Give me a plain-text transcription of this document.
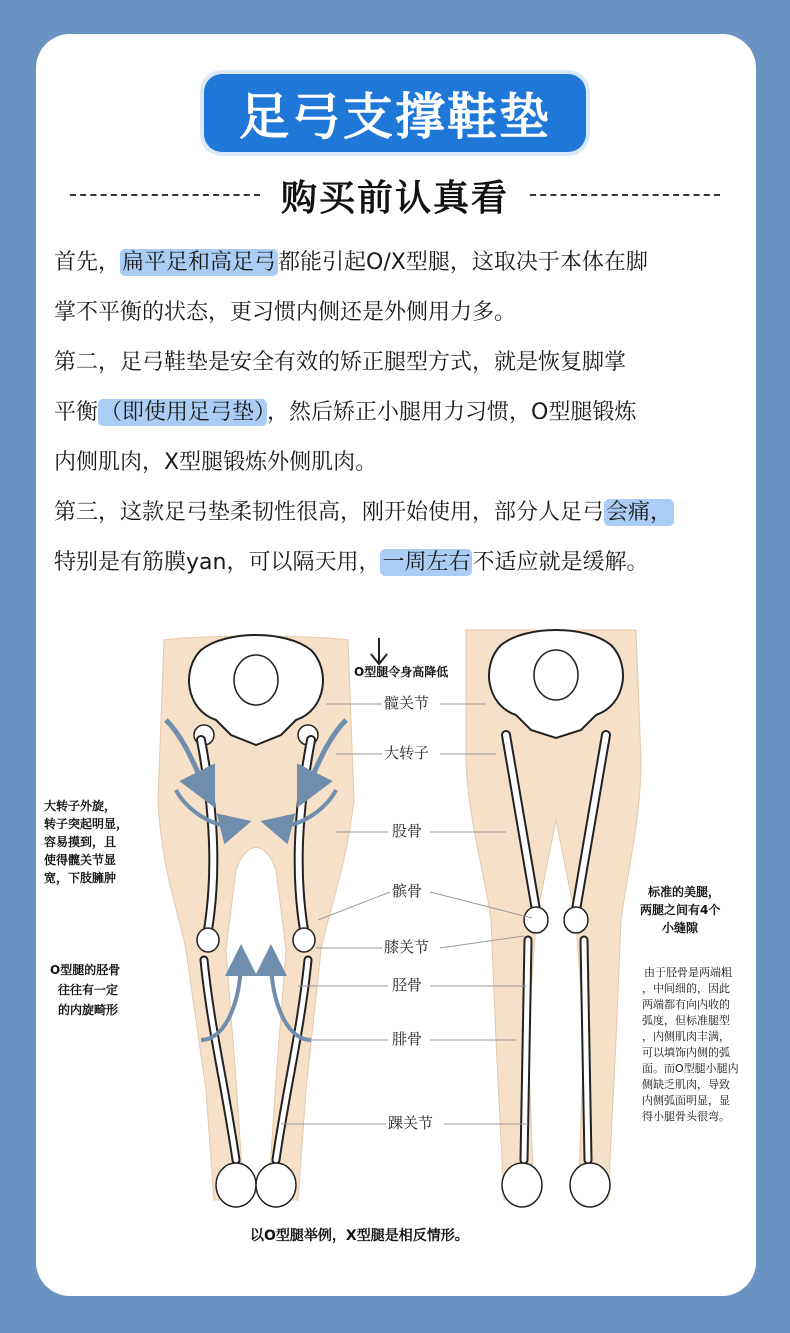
足弓支撑鞋垫
购买前认真看
首先，扁平足和高足弓都能引起O/X型腿，这取决于本体在脚
掌不平衡的状态，更习惯内侧还是外侧用力多。
第二，足弓鞋垫是安全有效的矫正腿型方式，就是恢复脚掌
平衡（即使用足弓垫），然后矫正小腿用力习惯，O型腿锻炼
内侧肌肉，X型腿锻炼外侧肌肉。
第三，这款足弓垫柔韧性很高，刚开始使用，部分人足弓会痛，
特别是有筋膜yan，可以隔天用，一周左右不适应就是缓解。
O型腿令身高降低
髋关节
大转子
股骨
髌骨
膝关节
胫骨
腓骨
踝关节
大转子外旋，
转子突起明显，
容易摸到，且
使得髋关节显
宽，下肢臃肿
O型腿的胫骨
往往有一定
的内旋畸形
标准的美腿，
两腿之间有4个
小缝隙
由于胫骨是两端粗
，中间细的，因此
两端都有向内收的
弧度，但标准腿型
，内侧肌肉丰满，
可以填饰内侧的弧
面。而O型腿小腿内
侧缺乏肌肉，导致
内侧弧面明显，显
得小腿骨头很弯。
以O型腿举例，X型腿是相反情形。
